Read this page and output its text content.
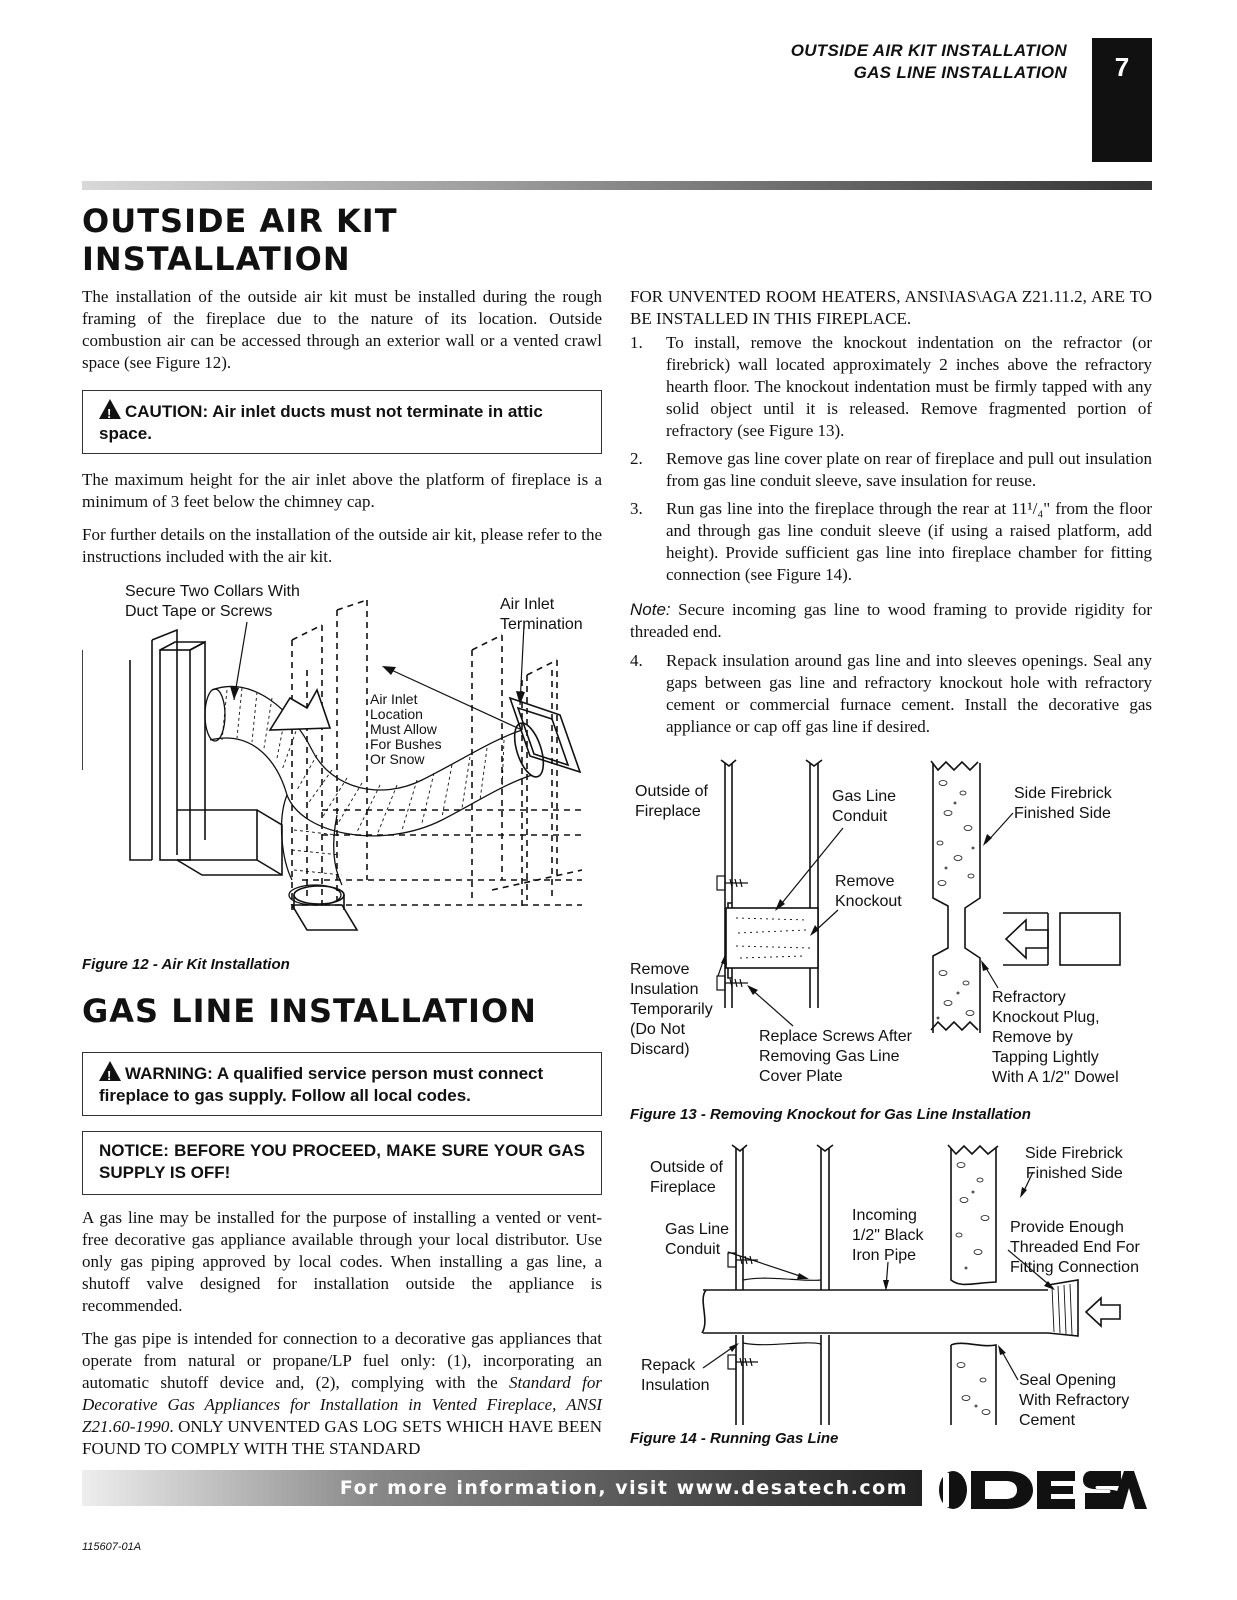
OUTSIDE AIR KIT INSTALLATION
GAS LINE INSTALLATION	7
OUTSIDE AIR KIT
INSTALLATION
The installation of the outside air kit must be installed during the rough framing of the fireplace due to the nature of its location. Outside combustion air can be accessed through an exterior wall or a vented crawl space (see Figure 12).
!CAUTION: Air inlet ducts must not terminate in attic space.
The maximum height for the air inlet above the platform of fireplace is a minimum of 3 feet below the chimney cap.
For further details on the installation of the outside air kit, please refer to the instructions included with the air kit.
Secure Two Collars With
Duct Tape or Screws	Air Inlet
Termination
Air Inlet
Location
Must Allow
For Bushes
Or Snow
Figure 12 - Air Kit Installation
GAS LINE INSTALLATION
!WARNING: A qualified service person must connect fireplace to gas supply. Follow all local codes.
NOTICE: BEFORE YOU PROCEED, MAKE SURE YOUR GAS SUPPLY IS OFF!
A gas line may be installed for the purpose of installing a vented or vent-free decorative gas appliance available through your local distributor. Use only gas piping approved by local codes. When installing a gas line, a shutoff valve designed for installation outside the appliance is recommended.
The gas pipe is intended for connection to a decorative gas appliances that operate from natural or propane/LP fuel only: (1), incorporating an automatic shutoff device and, (2), complying with the Standard for Decorative Gas Appliances for Installation in Vented Fireplace, ANSI Z21.60-1990. ONLY UNVENTED GAS LOG SETS WHICH HAVE BEEN FOUND TO COMPLY WITH THE STANDARD
FOR UNVENTED ROOM HEATERS, ANSI\IAS\AGA Z21.11.2, ARE TO BE INSTALLED IN THIS FIREPLACE.
1. To install, remove the knockout indentation on the refractor (or firebrick) wall located approximately 2 inches above the refractory hearth floor. The knockout indentation must be firmly tapped with any solid object until it is released. Remove fragmented portion of refractory (see Figure 13).
2. Remove gas line cover plate on rear of fireplace and pull out insulation from gas line conduit sleeve, save insulation for reuse.
3. Run gas line into the fireplace through the rear at 11¹/₄" from the floor and through gas line conduit sleeve (if using a raised platform, add height). Provide sufficient gas line into fireplace chamber for fitting connection (see Figure 14).
Note: Secure incoming gas line to wood framing to provide rigidity for threaded end.
4. Repack insulation around gas line and into sleeves openings. Seal any gaps between gas line and refractory knockout hole with refractory cement or commercial furnace cement. Install the decorative gas appliance or cap off gas line if desired.
Outside of
Fireplace
Gas Line
Conduit
Side Firebrick
Finished Side
Remove
Knockout
Remove
Insulation
Temporarily
(Do Not
Discard)
Replace Screws After
Removing Gas Line
Cover Plate
Refractory
Knockout Plug,
Remove by
Tapping Lightly
With A 1/2" Dowel
Figure 13 - Removing Knockout for Gas Line Installation
Outside of
Fireplace
Side Firebrick
Finished Side
Gas Line
Conduit
Incoming
1/2" Black
Iron Pipe
Provide Enough
Threaded End For
Fitting Connection
Repack
Insulation	Seal Opening
With Refractory
Cement
Figure 14 - Running Gas Line
For more information, visit www.desatech.com
115607-01A
